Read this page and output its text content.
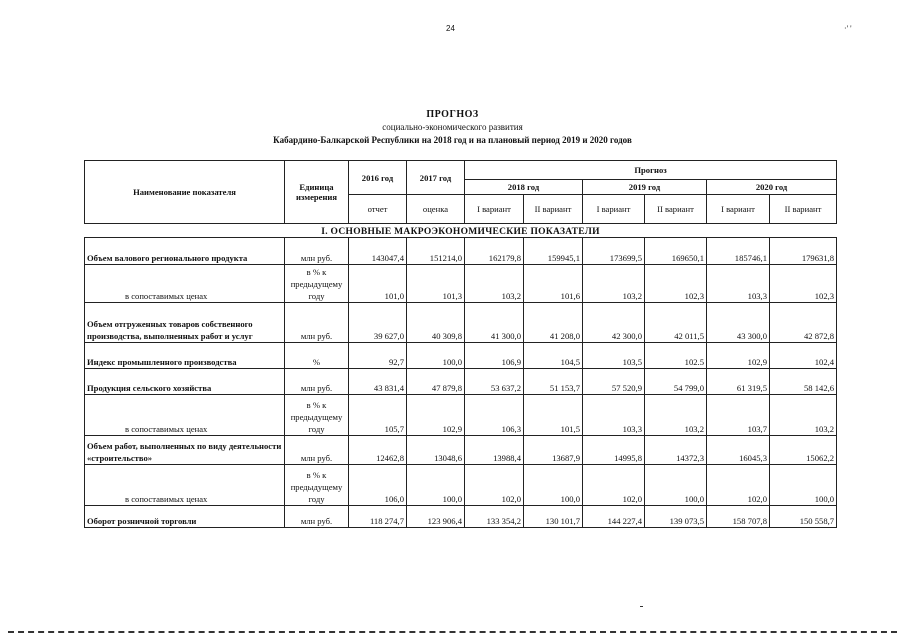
24	·' '
ПРОГНОЗ
социально-экономического развития
Кабардино-Балкарской Республики на 2018 год и на плановый период 2019 и 2020 годов
Наименование показателя	Единица измерения	2016 год	2017 год	Прогноз					
				2018 год		2019 год		2020 год	
		отчет	оценка	I вариант	II вариант	I вариант	II вариант	I вариант	II вариант
I. ОСНОВНЫЕ МАКРОЭКОНОМИЧЕСКИЕ ПОКАЗАТЕЛИ									
Объем валового регионального продукта	млн руб.	143047,4	151214,0	162179,8	159945,1	173699,5	169650,1	185746,1	179631,8
в сопоставимых ценах	в % к предыдущему году	101,0	101,3	103,2	101,6	103,2	102,3	103,3	102,3
Объем отгруженных товаров собственного производства, выполненных работ и услуг	млн руб.	39 627,0	40 309,8	41 300,0	41 208,0	42 300,0	42 011,5	43 300,0	42 872,8
Индекс промышленного производства	%	92,7	100,0	106,9	104,5	103,5	102.5	102,9	102,4
Продукция сельского хозяйства	млн руб.	43 831,4	47 879,8	53 637,2	51 153,7	57 520,9	54 799,0	61 319,5	58 142,6
в сопоставимых ценах	в % к предыдущему году	105,7	102,9	106,3	101,5	103,3	103,2	103,7	103,2
Объем работ, выполненных по виду деятельности «строительство»	млн руб.	12462,8	13048,6	13988,4	13687,9	14995,8	14372,3	16045,3	15062,2
в сопоставимых ценах	в % к предыдущему году	106,0	100,0	102,0	100,0	102,0	100,0	102,0	100,0
Оборот розничной торговли	млн руб.	118 274,7	123 906,4	133 354,2	130 101,7	144 227,4	139 073,5	158 707,8	150 558,7
